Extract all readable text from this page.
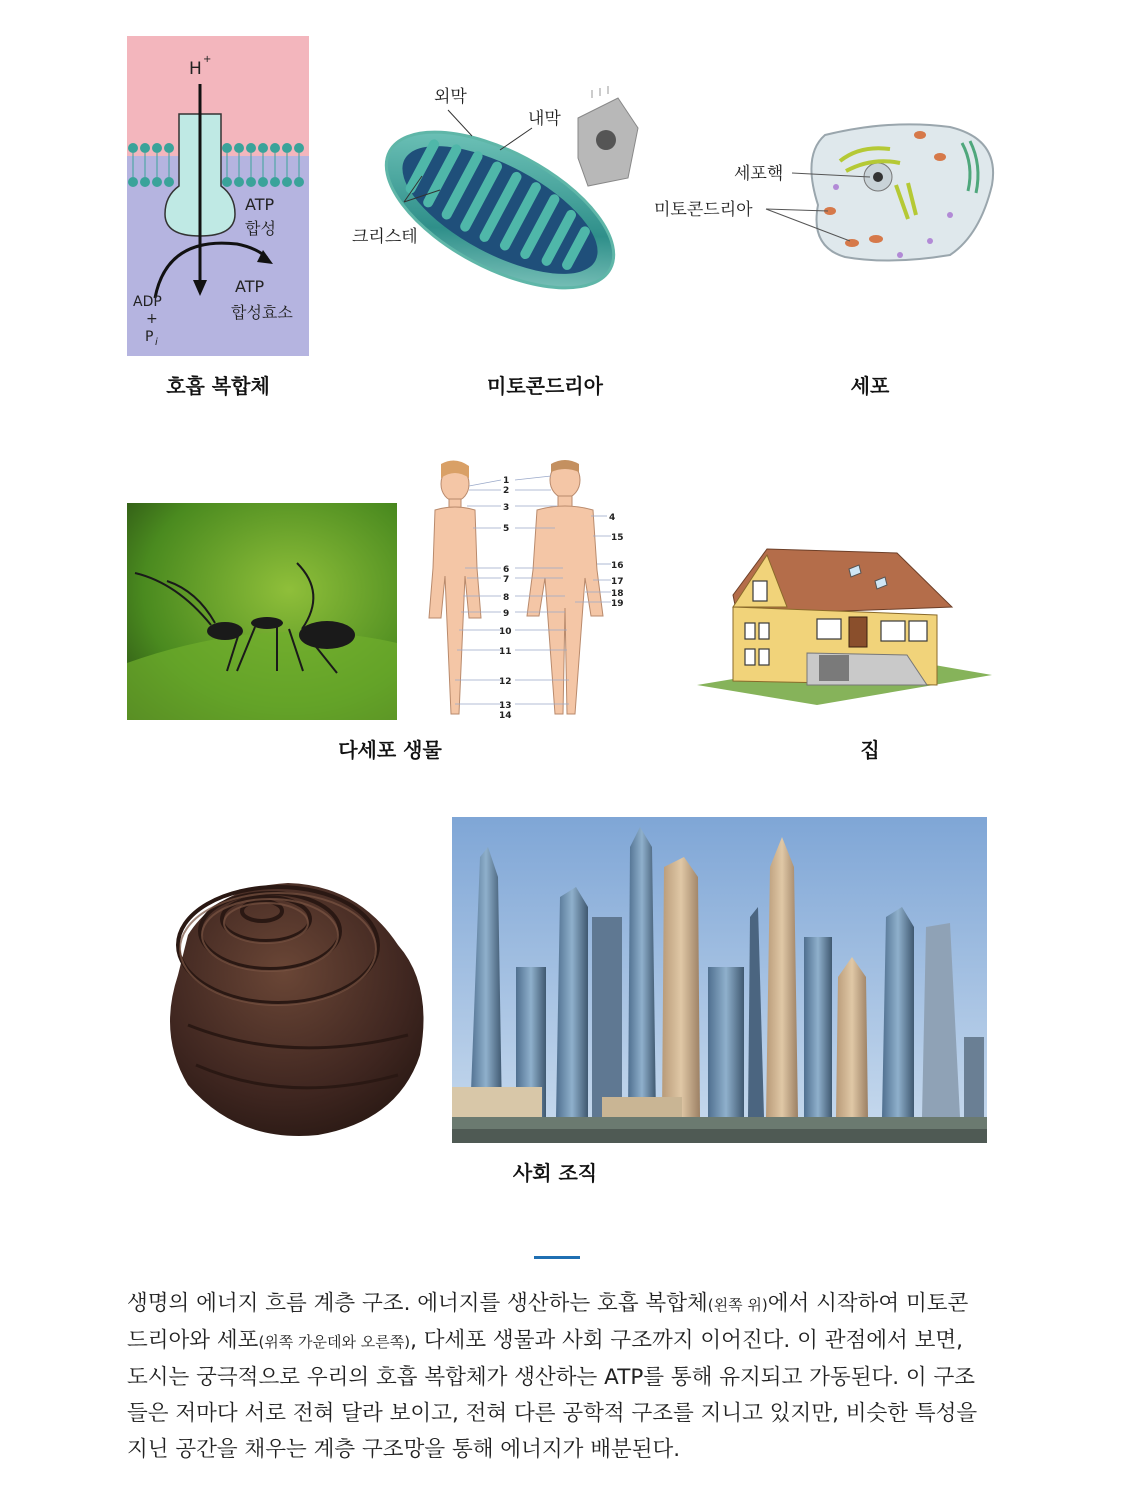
H +
ATP
합성
ATP
합성효소
ADP
+
P i
호흡 복합체
외막
내막
크리스테
미토콘드리아
세포핵
미토콘드리아
세포
1
2
3
4
5
6
7
8
9
10
11
12
13
14
15
16
17
18
19
다세포 생물	집
사회 조직
생명의 에너지 흐름 계층 구조. 에너지를 생산하는 호흡 복합체(왼쪽 위)에서 시작하여 미토콘드리아와 세포(위쪽 가운데와 오른쪽), 다세포 생물과 사회 구조까지 이어진다. 이 관점에서 보면, 도시는 궁극적으로 우리의 호흡 복합체가 생산하는 ATP를 통해 유지되고 가동된다. 이 구조들은 저마다 서로 전혀 달라 보이고, 전혀 다른 공학적 구조를 지니고 있지만, 비슷한 특성을 지닌 공간을 채우는 계층 구조망을 통해 에너지가 배분된다.
